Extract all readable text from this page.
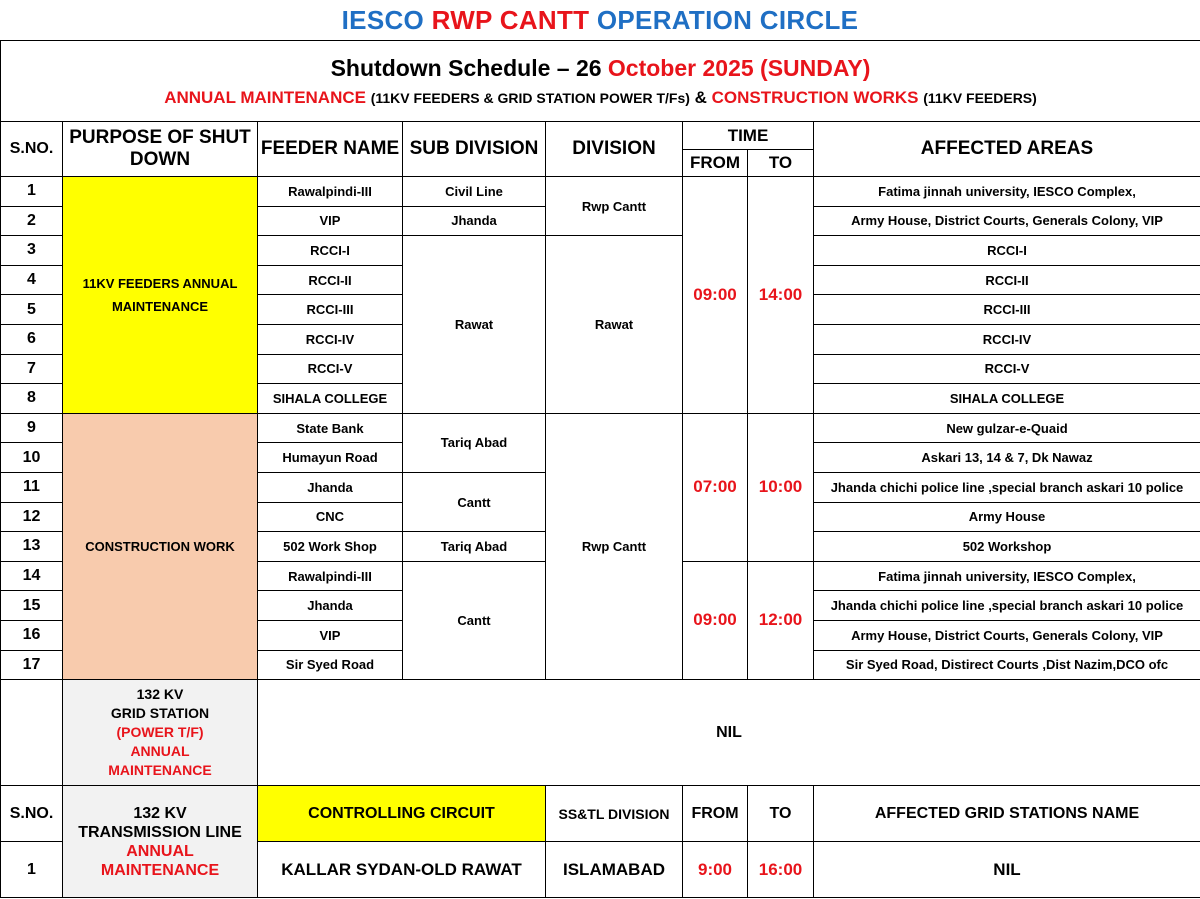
IESCO RWP CANTT OPERATION CIRCLE
Shutdown Schedule – 26 October 2025 (SUNDAY)
ANNUAL MAINTENANCE (11KV FEEDERS & GRID STATION POWER T/Fs) & CONSTRUCTION WORKS (11KV FEEDERS)							

S.NO.	PURPOSE OF SHUT DOWN	FEEDER NAME	SUB DIVISION	DIVISION	TIME		AFFECTED AREAS
					FROM	TO	
1	11KV FEEDERS ANNUAL MAINTENANCE	Rawalpindi-III	Civil Line	Rwp Cantt	09:00	14:00	Fatima jinnah university, IESCO Complex,
2		VIP	Jhanda				Army House, District Courts, Generals Colony, VIP
3		RCCI-I	Rawat	Rawat			RCCI-I
4		RCCI-II					RCCI-II
5		RCCI-III					RCCI-III
6		RCCI-IV					RCCI-IV
7		RCCI-V					RCCI-V
8		SIHALA COLLEGE					SIHALA COLLEGE
9	CONSTRUCTION WORK	State Bank	Tariq Abad	Rwp Cantt	07:00	10:00	New gulzar-e-Quaid
10		Humayun Road					Askari 13, 14 & 7, Dk Nawaz
11		Jhanda	Cantt				Jhanda chichi police line ,special branch askari 10 police
12		CNC					Army House
13		502 Work Shop	Tariq Abad				502 Workshop
14		Rawalpindi-III	Cantt		09:00	12:00	Fatima jinnah university, IESCO Complex,
15		Jhanda					Jhanda chichi police line ,special branch askari 10 police
16		VIP					Army House, District Courts, Generals Colony, VIP
17		Sir Syed Road					Sir Syed Road, Distirect Courts ,Dist Nazim,DCO ofc

	132 KV
GRID STATION
(POWER T/F)
ANNUAL
MAINTENANCE	NIL					
S.NO.	132 KV
TRANSMISSION LINE
ANNUAL
MAINTENANCE	CONTROLLING CIRCUIT		SS&TL DIVISION	FROM	TO	AFFECTED GRID STATIONS NAME
1		KALLAR SYDAN-OLD RAWAT		ISLAMABAD	9:00	16:00	NIL
